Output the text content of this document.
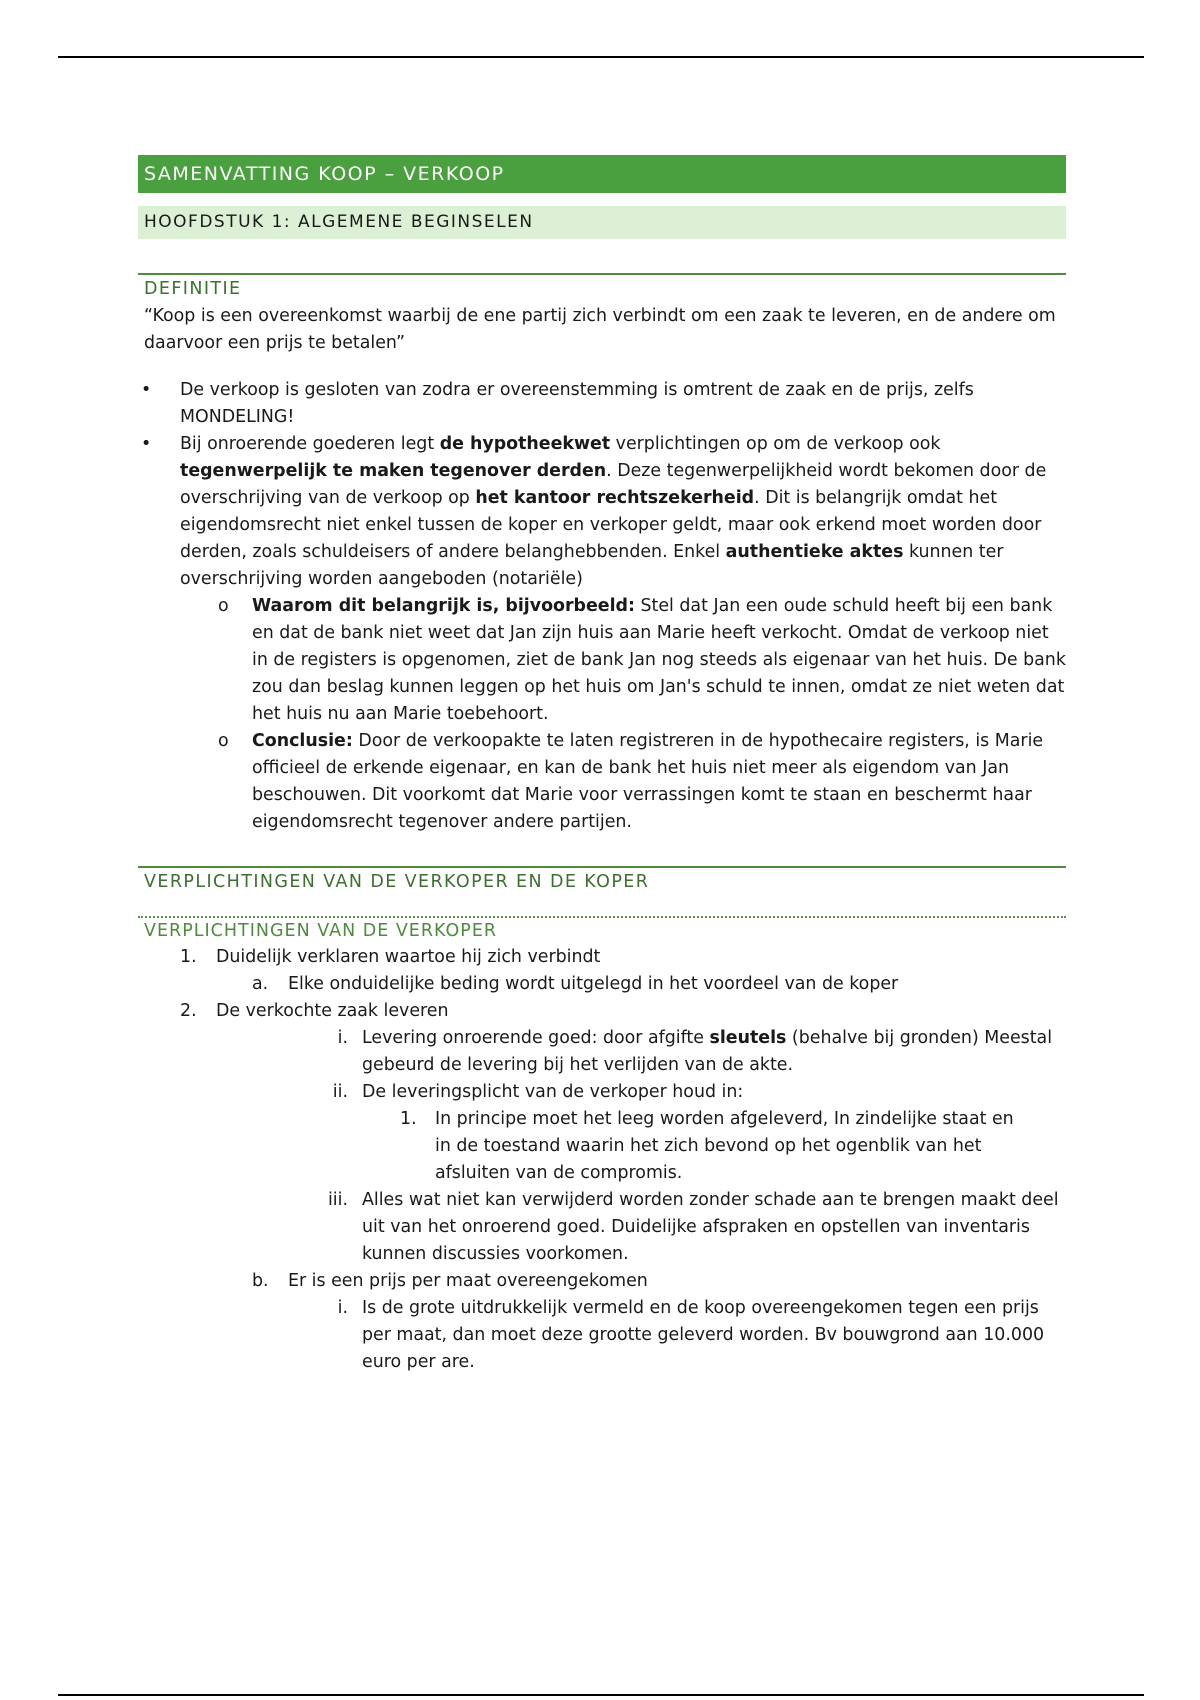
SAMENVATTING KOOP – VERKOOP
HOOFDSTUK 1: ALGEMENE BEGINSELEN
DEFINITIE
“Koop is een overeenkomst waarbij de ene partij zich verbindt om een zaak te leveren, en de andere om daarvoor een prijs te betalen”
• De verkoop is gesloten van zodra er overeenstemming is omtrent de zaak en de prijs, zelfs MONDELING!
• Bij onroerende goederen legt de hypotheekwet verplichtingen op om de verkoop ook tegenwerpelijk te maken tegenover derden. Deze tegenwerpelijkheid wordt bekomen door de overschrijving van de verkoop op het kantoor rechtszekerheid. Dit is belangrijk omdat het eigendomsrecht niet enkel tussen de koper en verkoper geldt, maar ook erkend moet worden door derden, zoals schuldeisers of andere belanghebbenden. Enkel authentieke aktes kunnen ter overschrijving worden aangeboden (notariële)
o Waarom dit belangrijk is, bijvoorbeeld: Stel dat Jan een oude schuld heeft bij een bank en dat de bank niet weet dat Jan zijn huis aan Marie heeft verkocht. Omdat de verkoop niet in de registers is opgenomen, ziet de bank Jan nog steeds als eigenaar van het huis. De bank zou dan beslag kunnen leggen op het huis om Jan's schuld te innen, omdat ze niet weten dat het huis nu aan Marie toebehoort.
o Conclusie: Door de verkoopakte te laten registreren in de hypothecaire registers, is Marie officieel de erkende eigenaar, en kan de bank het huis niet meer als eigendom van Jan beschouwen. Dit voorkomt dat Marie voor verrassingen komt te staan en beschermt haar eigendomsrecht tegenover andere partijen.
VERPLICHTINGEN VAN DE VERKOPER EN DE KOPER
VERPLICHTINGEN VAN DE VERKOPER
1. Duidelijk verklaren waartoe hij zich verbindt
a. Elke onduidelijke beding wordt uitgelegd in het voordeel van de koper
2. De verkochte zaak leveren
i. Levering onroerende goed: door afgifte sleutels (behalve bij gronden) Meestal gebeurd de levering bij het verlijden van de akte.
ii. De leveringsplicht van de verkoper houd in:
1. In principe moet het leeg worden afgeleverd, In zindelijke staat en in de toestand waarin het zich bevond op het ogenblik van het afsluiten van de compromis.
iii. Alles wat niet kan verwijderd worden zonder schade aan te brengen maakt deel uit van het onroerend goed. Duidelijke afspraken en opstellen van inventaris kunnen discussies voorkomen.
b. Er is een prijs per maat overeengekomen
i. Is de grote uitdrukkelijk vermeld en de koop overeengekomen tegen een prijs per maat, dan moet deze grootte geleverd worden. Bv bouwgrond aan 10.000 euro per are.
